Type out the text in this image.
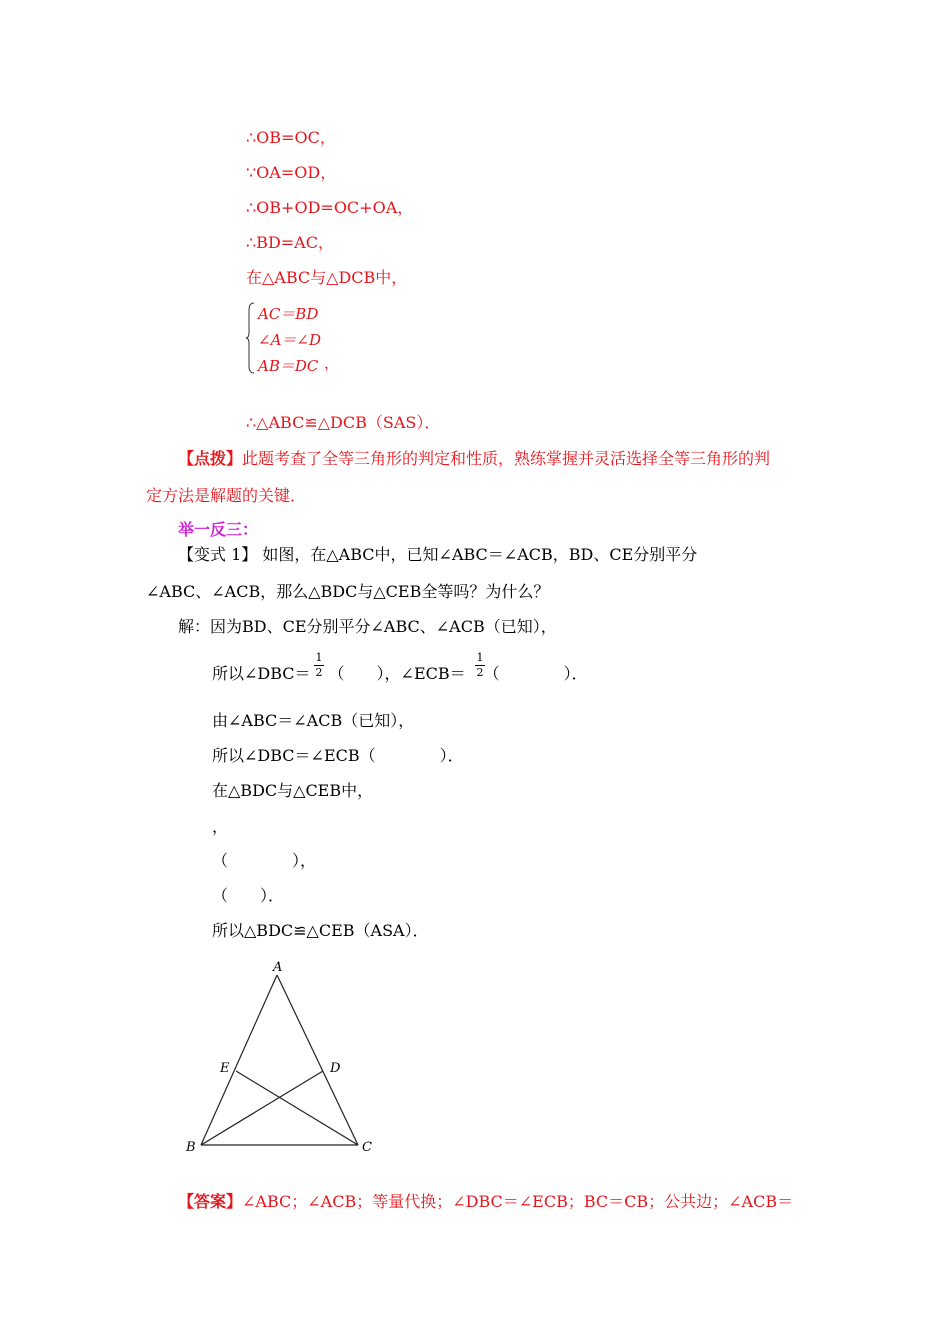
∴OB=OC，
∵OA=OD，
∴OB+OD=OC+OA，
∴BD=AC，
在△ABC与△DCB中，
AC＝BD
∠A＝∠D
AB＝DC ，
∴△ABC≌△DCB（SAS）．
【点拨】此题考查了全等三角形的判定和性质，熟练掌握并灵活选择全等三角形的判
定方法是解题的关键．
举一反三：
【变式 1】 如图，在△ABC中，已知∠ABC＝∠ACB，BD、CE分别平分
∠ABC、∠ACB，那么△BDC与△CEB全等吗？为什么？
解：因为BD、CE分别平分∠ABC、∠ACB（已知），
所以∠DBC＝ （　　），∠ECB＝ （　　　　）．
1
2
1
2
由∠ABC＝∠ACB（已知），
所以∠DBC＝∠ECB（　　　　）．
在△BDC与△CEB中，
，
（　　　　），
（　　）．
所以△BDC≌△CEB（ASA）．
A
E	D
B	C
【答案】∠ABC；∠ACB；等量代换；∠DBC＝∠ECB；BC＝CB；公共边；∠ACB＝
